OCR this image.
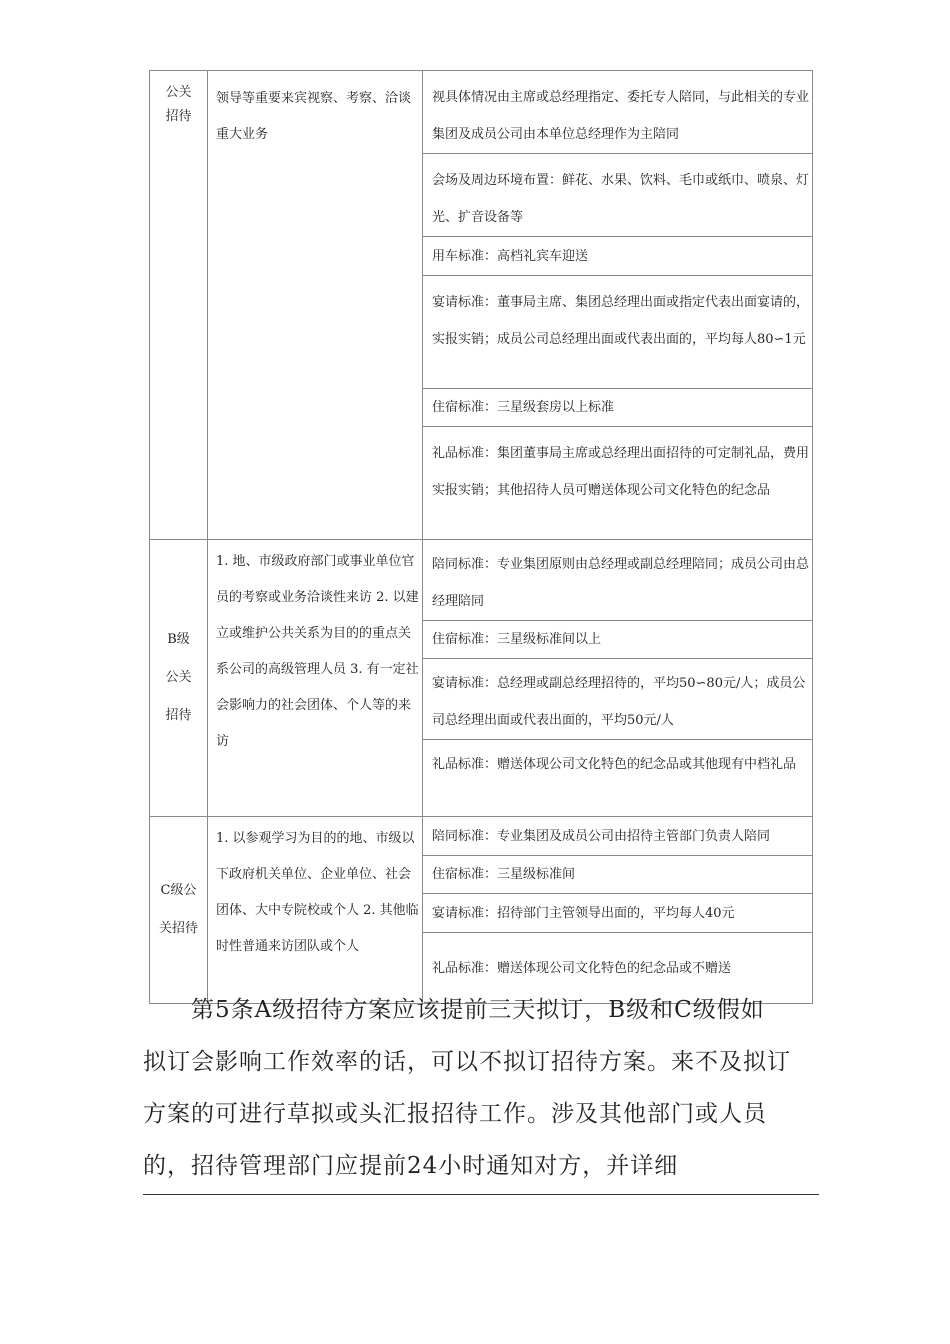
公关招待	领导等重要来宾视察、考察、洽谈重大业务	视具体情况由主席或总经理指定、委托专人陪同，与此相关的专业集团及成员公司由本单位总经理作为主陪同

		会场及周边环境布置：鲜花、水果、饮料、毛巾或纸巾、喷泉、灯光、扩音设备等

		用车标准：高档礼宾车迎送

		宴请标准：董事局主席、集团总经理出面或指定代表出面宴请的，实报实销；成员公司总经理出面或代表出面的，平均每人80∽1元

		住宿标准：三星级套房以上标准

		礼品标准：集团董事局主席或总经理出面招待的可定制礼品，费用实报实销；其他招待人员可赠送体现公司文化特色的纪念品

B级公关招待	1. 地、市级政府部门或事业单位官员的考察或业务洽谈性来访 2. 以建立或维护公共关系为目的的重点关系公司的高级管理人员 3. 有一定社会影响力的社会团体、个人等的来访	陪同标准：专业集团原则由总经理或副总经理陪同；成员公司由总经理陪同

		住宿标准：三星级标准间以上

		宴请标准：总经理或副总经理招待的，平均50∽80元/人；成员公司总经理出面或代表出面的，平均50元/人

		礼品标准：赠送体现公司文化特色的纪念品或其他现有中档礼品

C级公关招待	1. 以参观学习为目的的地、市级以下政府机关单位、企业单位、社会团体、大中专院校或个人 2. 其他临时性普通来访团队或个人	陪同标准：专业集团及成员公司由招待主管部门负责人陪同

		住宿标准：三星级标准间

		宴请标准：招待部门主管领导出面的，平均每人40元

		礼品标准：赠送体现公司文化特色的纪念品或不赠送
第5条A级招待方案应该提前三天拟订，B级和C级假如
拟订会影响工作效率的话，可以不拟订招待方案。来不及拟订
方案的可进行草拟或头汇报招待工作。涉及其他部门或人员
的，招待管理部门应提前24小时通知对方，并详细
